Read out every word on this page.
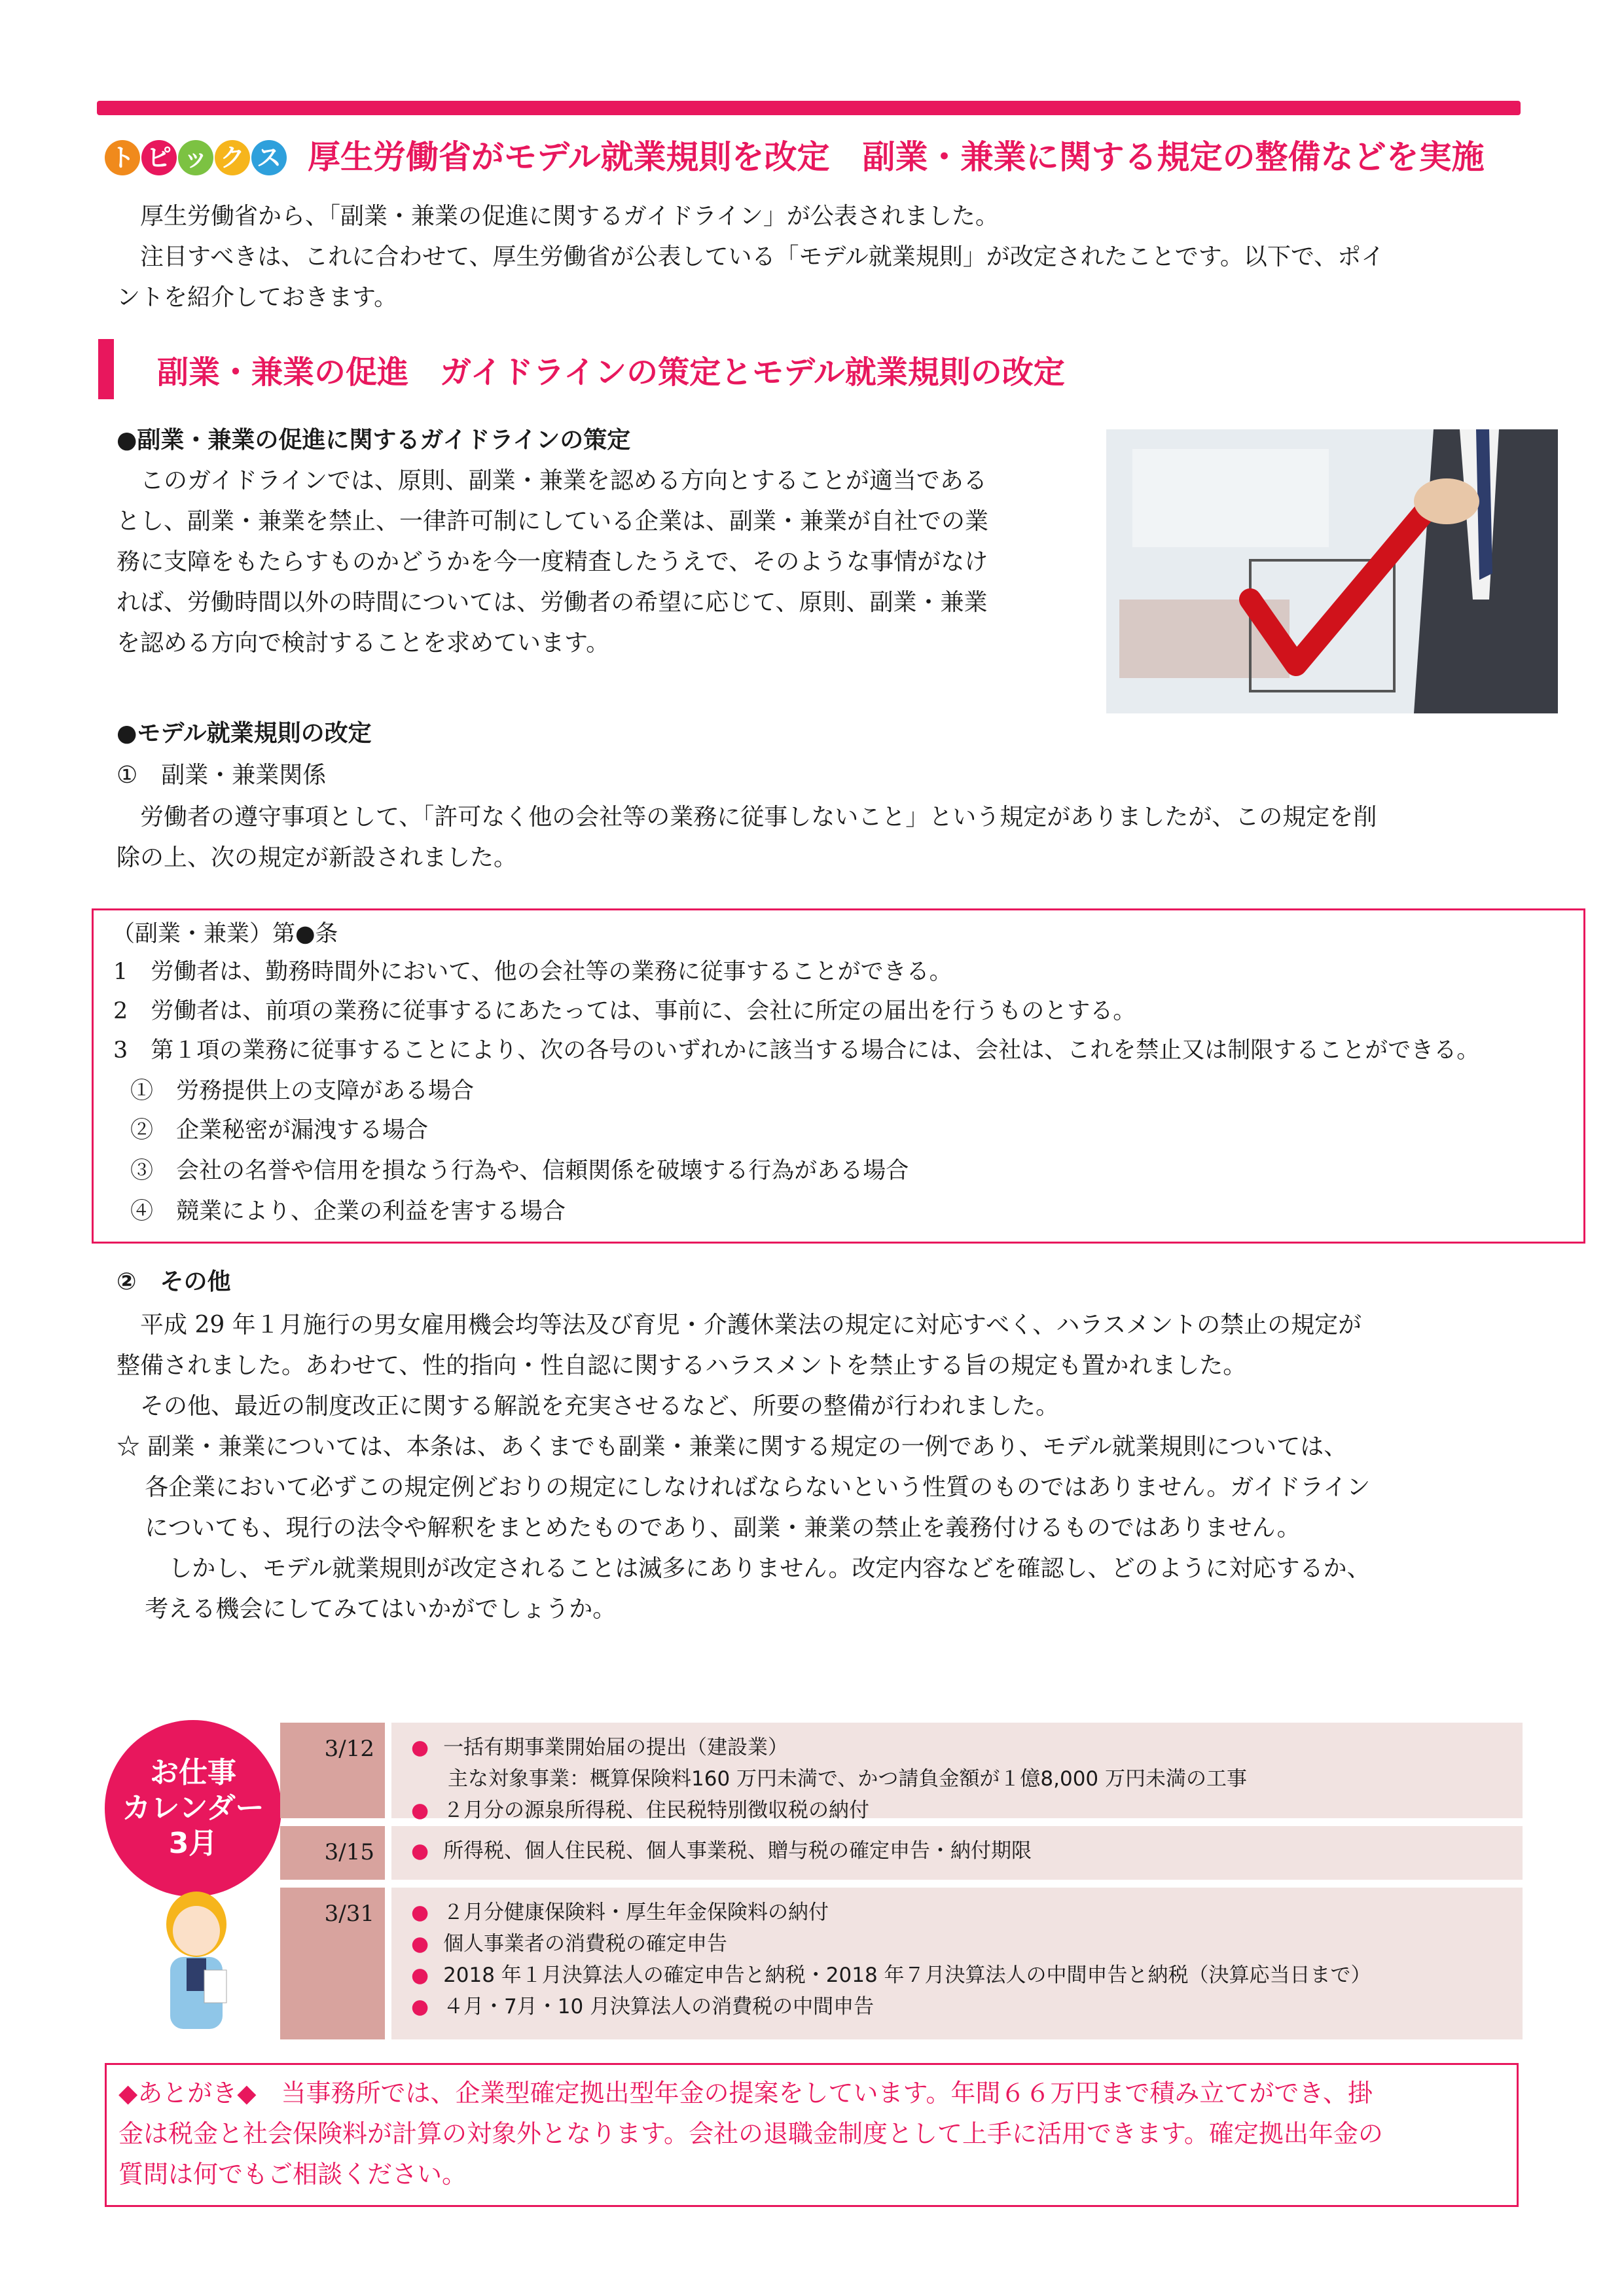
ト ピ ッ ク ス 厚生労働省がモデル就業規則を改定　副業・兼業に関する規定の整備などを実施
厚生労働省から、「副業・兼業の促進に関するガイドライン」が公表されました。
注目すべきは、これに合わせて、厚生労働省が公表している「モデル就業規則」が改定されたことです。以下で、ポイ
ントを紹介しておきます。
副業・兼業の促進　ガイドラインの策定とモデル就業規則の改定
●副業・兼業の促進に関するガイドラインの策定
このガイドラインでは、原則、副業・兼業を認める方向とすることが適当である
とし、副業・兼業を禁止、一律許可制にしている企業は、副業・兼業が自社での業
務に支障をもたらすものかどうかを今一度精査したうえで、そのような事情がなけ
れば、労働時間以外の時間については、労働者の希望に応じて、原則、副業・兼業
を認める方向で検討することを求めています。
●モデル就業規則の改定
①　副業・兼業関係
労働者の遵守事項として、「許可なく他の会社等の業務に従事しないこと」という規定がありましたが、この規定を削
除の上、次の規定が新設されました。
（副業・兼業）第●条
1　労働者は、勤務時間外において、他の会社等の業務に従事することができる。
2　労働者は、前項の業務に従事するにあたっては、事前に、会社に所定の届出を行うものとする。
3　第１項の業務に従事することにより、次の各号のいずれかに該当する場合には、会社は、これを禁止又は制限することができる。
①　労務提供上の支障がある場合
②　企業秘密が漏洩する場合
③　会社の名誉や信用を損なう行為や、信頼関係を破壊する行為がある場合
④　競業により、企業の利益を害する場合
②　その他
平成 29 年１月施行の男女雇用機会均等法及び育児・介護休業法の規定に対応すべく、ハラスメントの禁止の規定が
整備されました。あわせて、性的指向・性自認に関するハラスメントを禁止する旨の規定も置かれました。
その他、最近の制度改正に関する解説を充実させるなど、所要の整備が行われました。
☆ 副業・兼業については、本条は、あくまでも副業・兼業に関する規定の一例であり、モデル就業規則については、
各企業において必ずこの規定例どおりの規定にしなければならないという性質のものではありません。ガイドライン
についても、現行の法令や解釈をまとめたものであり、副業・兼業の禁止を義務付けるものではありません。
しかし、モデル就業規則が改定されることは滅多にありません。改定内容などを確認し、どのように対応するか、
考える機会にしてみてはいかがでしょうか。
お仕事
カレンダー
3月
3/12	● 一括有期事業開始届の提出（建設業）
主な対象事業：概算保険料160 万円未満で、かつ請負金額が１億8,000 万円未満の工事
● ２月分の源泉所得税、住民税特別徴収税の納付
3/15	● 所得税、個人住民税、個人事業税、贈与税の確定申告・納付期限
3/31	● ２月分健康保険料・厚生年金保険料の納付
● 個人事業者の消費税の確定申告
● 2018 年１月決算法人の確定申告と納税・2018 年７月決算法人の中間申告と納税（決算応当日まで）
● ４月・7月・10 月決算法人の消費税の中間申告
◆あとがき◆　当事務所では、企業型確定拠出型年金の提案をしています。年間６６万円まで積み立てができ、掛
金は税金と社会保険料が計算の対象外となります。会社の退職金制度として上手に活用できます。確定拠出年金の
質問は何でもご相談ください。
